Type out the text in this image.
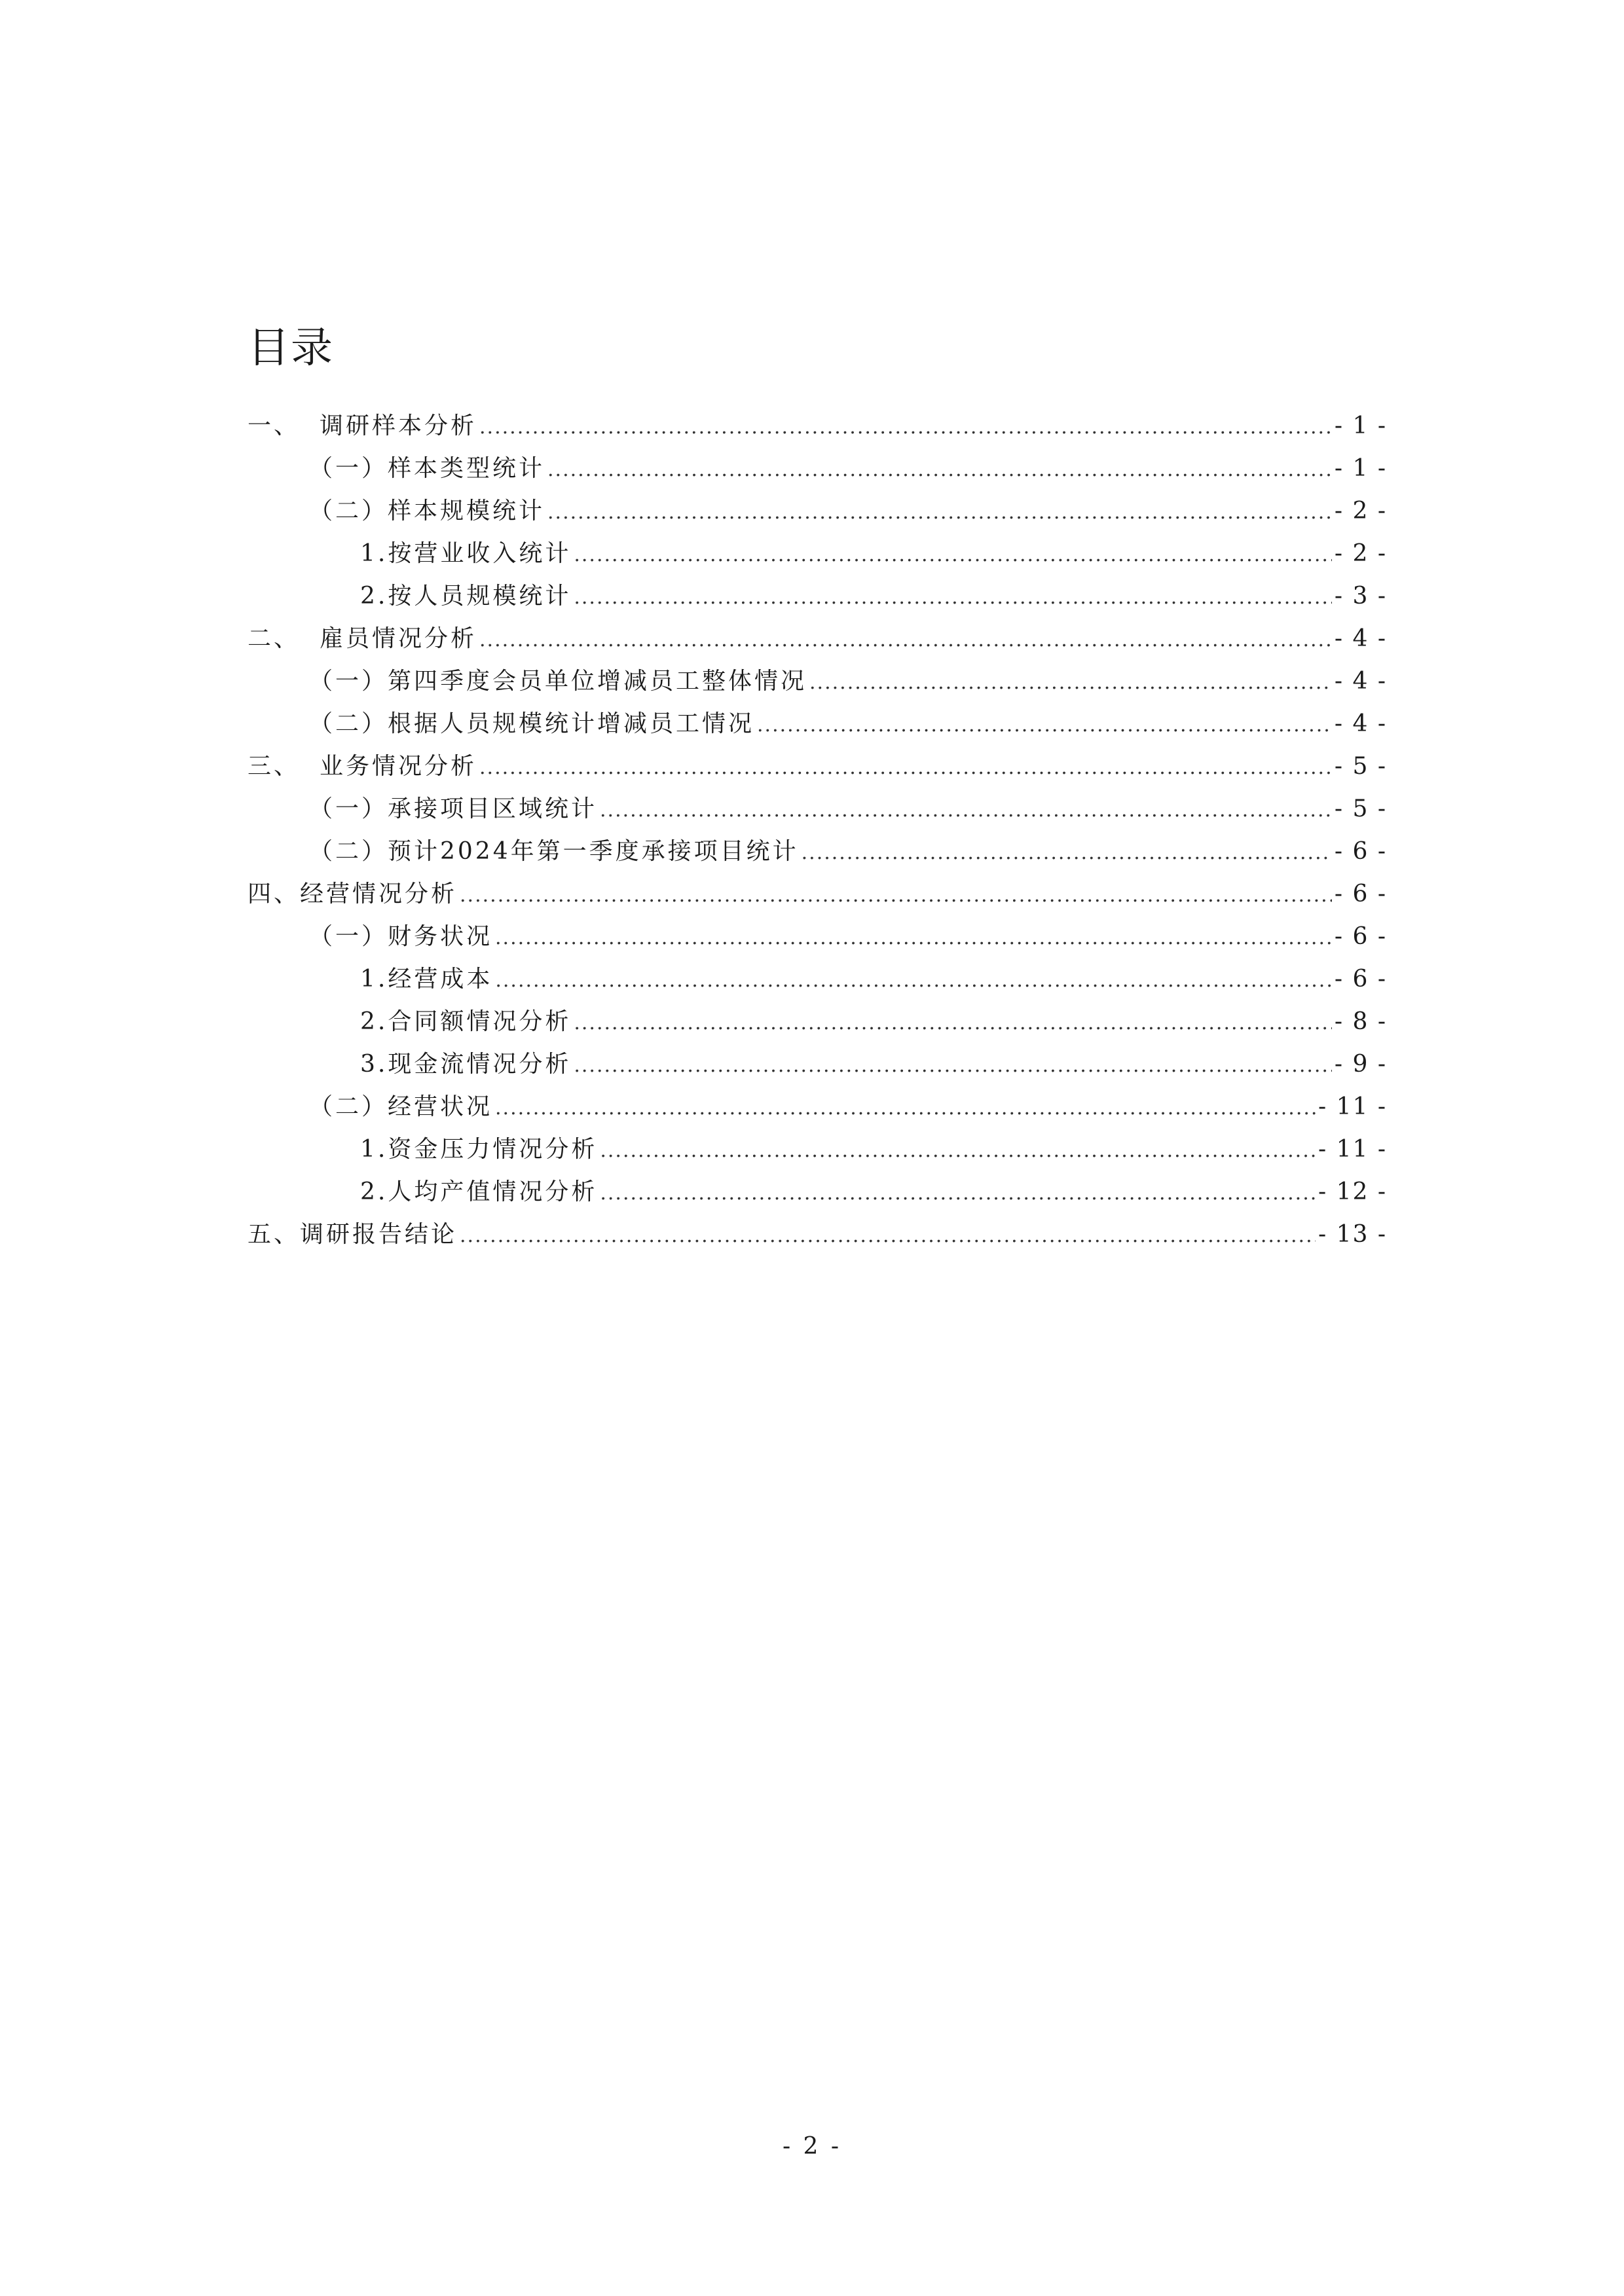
目录
一、 调研样本分析 .....	- 1 -
（一）样本类型统计 .....	- 1 -
（二）样本规模统计 .....	- 2 -
1.按营业收入统计 .....	- 2 -
2.按人员规模统计 .....	- 3 -
二、 雇员情况分析 .....	- 4 -
（一）第四季度会员单位增减员工整体情况 .....	- 4 -
（二）根据人员规模统计增减员工情况 .....	- 4 -
三、 业务情况分析 .....	- 5 -
（一）承接项目区域统计 .....	- 5 -
（二）预计2024年第一季度承接项目统计 .....	- 6 -
四、经营情况分析 .....	- 6 -
（一）财务状况 .....	- 6 -
1.经营成本 .....	- 6 -
2.合同额情况分析 .....	- 8 -
3.现金流情况分析 .....	- 9 -
（二）经营状况 .....	- 11 -
1.资金压力情况分析 .....	- 11 -
2.人均产值情况分析 .....	- 12 -
五、调研报告结论 .....	- 13 -
- 2 -
